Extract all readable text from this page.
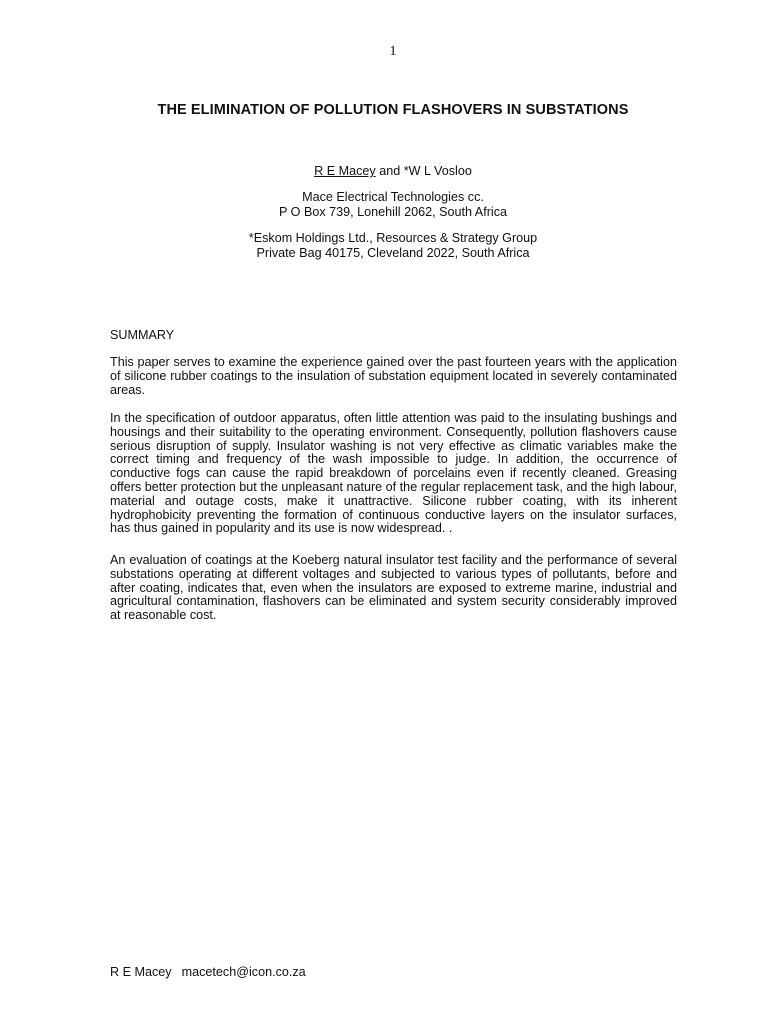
1
THE ELIMINATION OF POLLUTION FLASHOVERS IN SUBSTATIONS
R E Macey and *W L Vosloo
Mace Electrical Technologies cc.
P O Box 739, Lonehill 2062, South Africa
*Eskom Holdings Ltd., Resources & Strategy Group
Private Bag 40175, Cleveland 2022, South Africa
SUMMARY

This paper serves to examine the experience gained over the past fourteen years with the application of silicone rubber coatings to the insulation of substation equipment located in severely contaminated areas.

In the specification of outdoor apparatus, often little attention was paid to the insulating bushings and housings and their suitability to the operating environment. Consequently, pollution flashovers cause serious disruption of supply. Insulator washing is not very effective as climatic variables make the correct timing and frequency of the wash impossible to judge. In addition, the occurrence of conductive fogs can cause the rapid breakdown of porcelains even if recently cleaned. Greasing offers better protection but the unpleasant nature of the regular replacement task, and the high labour, material and outage costs, make it unattractive. Silicone rubber coating, with its inherent hydrophobicity preventing the formation of continuous conductive layers on the insulator surfaces, has thus gained in popularity and its use is now widespread. .

An evaluation of coatings at the Koeberg natural insulator test facility and the performance of several substations operating at different voltages and subjected to various types of pollutants, before and after coating, indicates that, even when the insulators are exposed to extreme marine, industrial and agricultural contamination, flashovers can be eliminated and system security considerably improved at reasonable cost.

R E Macey macetech@icon.co.za
